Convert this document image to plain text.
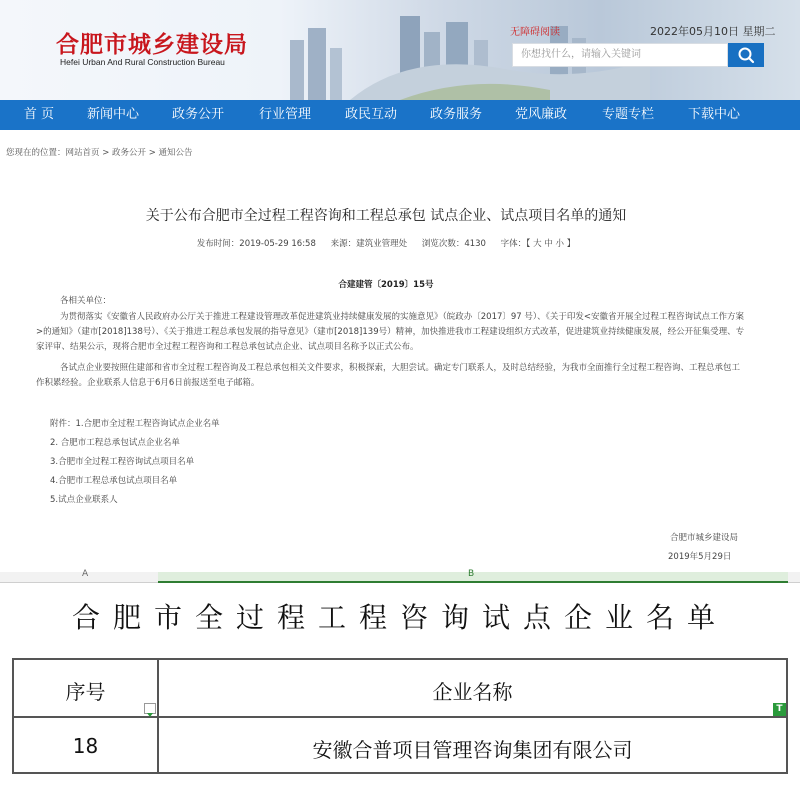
合肥市城乡建设局
Hefei Urban And Rural Construction Bureau
无障碍阅读	2022年05月10日 星期二
你想找什么，请输入关键词
首 页	新闻中心	政务公开	行业管理	政民互动	政务服务	党风廉政	专题专栏	下载中心
您现在的位置：网站首页 > 政务公开 > 通知公告
关于公布合肥市全过程工程咨询和工程总承包 试点企业、试点项目名单的通知
发布时间：2019-05-29 16:58 来源：建筑业管理处 浏览次数：4130 字体：【 大 中 小 】
合建建管〔2019〕15号
各相关单位：
为贯彻落实《安徽省人民政府办公厅关于推进工程建设管理改革促进建筑业持续健康发展的实施意见》（皖政办〔2017〕97 号）、《关于印发<安徽省开展全过程工程咨询试点工作方案>的通知》（建市[2018]138号）、《关于推进工程总承包发展的指导意见》（建市[2018]139号）精神，加快推进我市工程建设组织方式改革，促进建筑业持续健康发展，经公开征集受理、专家评审、结果公示，现将合肥市全过程工程咨询和工程总承包试点企业、试点项目名称予以正式公布。
各试点企业要按照住建部和省市全过程工程咨询及工程总承包相关文件要求，积极探索，大胆尝试。确定专门联系人，及时总结经验，为我市全面推行全过程工程咨询、工程总承包工作积累经验。企业联系人信息于6月6日前报送至电子邮箱。
附件：1.合肥市全过程工程咨询试点企业名单
2. 合肥市工程总承包试点企业名单
3.合肥市全过程工程咨询试点项目名单
4.合肥市工程总承包试点项目名单
5.试点企业联系人
合肥市城乡建设局
2019年5月29日
A	B
合肥市全过程工程咨询试点企业名单
序号	企业名称
T
18	安徽合普项目管理咨询集团有限公司
